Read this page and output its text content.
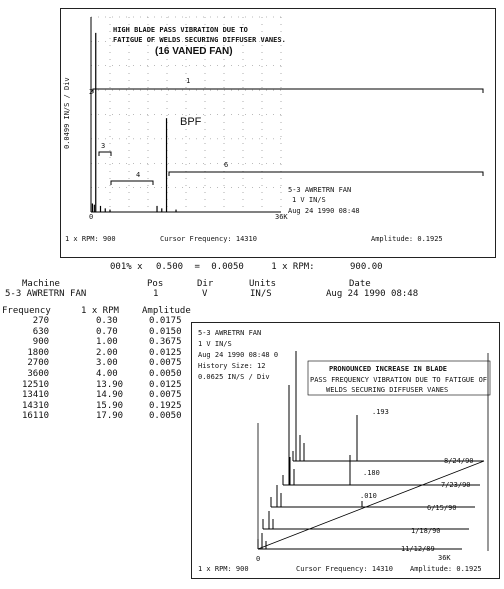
HIGH BLADE PASS VIBRATION DUE TO
FATIGUE OF WELDS SECURING DIFFUSER VANES.
(16 VANED FAN)
0.0499 IN/S / Div	BPF
5-3 AWRETRN FAN
1 V IN/S
Aug 24 1990 08:48
0	36K
1 x RPM: 900	Cursor Frequency: 14310	Amplitude: 0.1925
1
2
3
4
6
001% x 0.500 = 0.0050	1 x RPM:	900.00
Machine	Pos	Dir	Units	Date
5-3 AWRETRN FAN	1	V	IN/S	Aug 24 1990 08:48
Frequency	1 x RPM	Amplitude
270	0.30	0.0175
630	0.70	0.0150
900	1.00	0.3675
1800	2.00	0.0125
2700	3.00	0.0075
3600	4.00	0.0050
12510	13.90	0.0125
13410	14.90	0.0075
14310	15.90	0.1925
16110	17.90	0.0050
5-3 AWRETRN FAN
1 V IN/S
Aug 24 1990 08:48 0
History Size: 12
0.0625 IN/S / Div
PRONOUNCED INCREASE IN BLADE
PASS FREQUENCY VIBRATION DUE TO FATIGUE OF
WELDS SECURING DIFFUSER VANES
.193
.180
.010
8/24/90
7/23/90
6/15/90
1/18/90
11/12/89
0	36K
1 x RPM: 900	Cursor Frequency: 14310 Amplitude: 0.1925
